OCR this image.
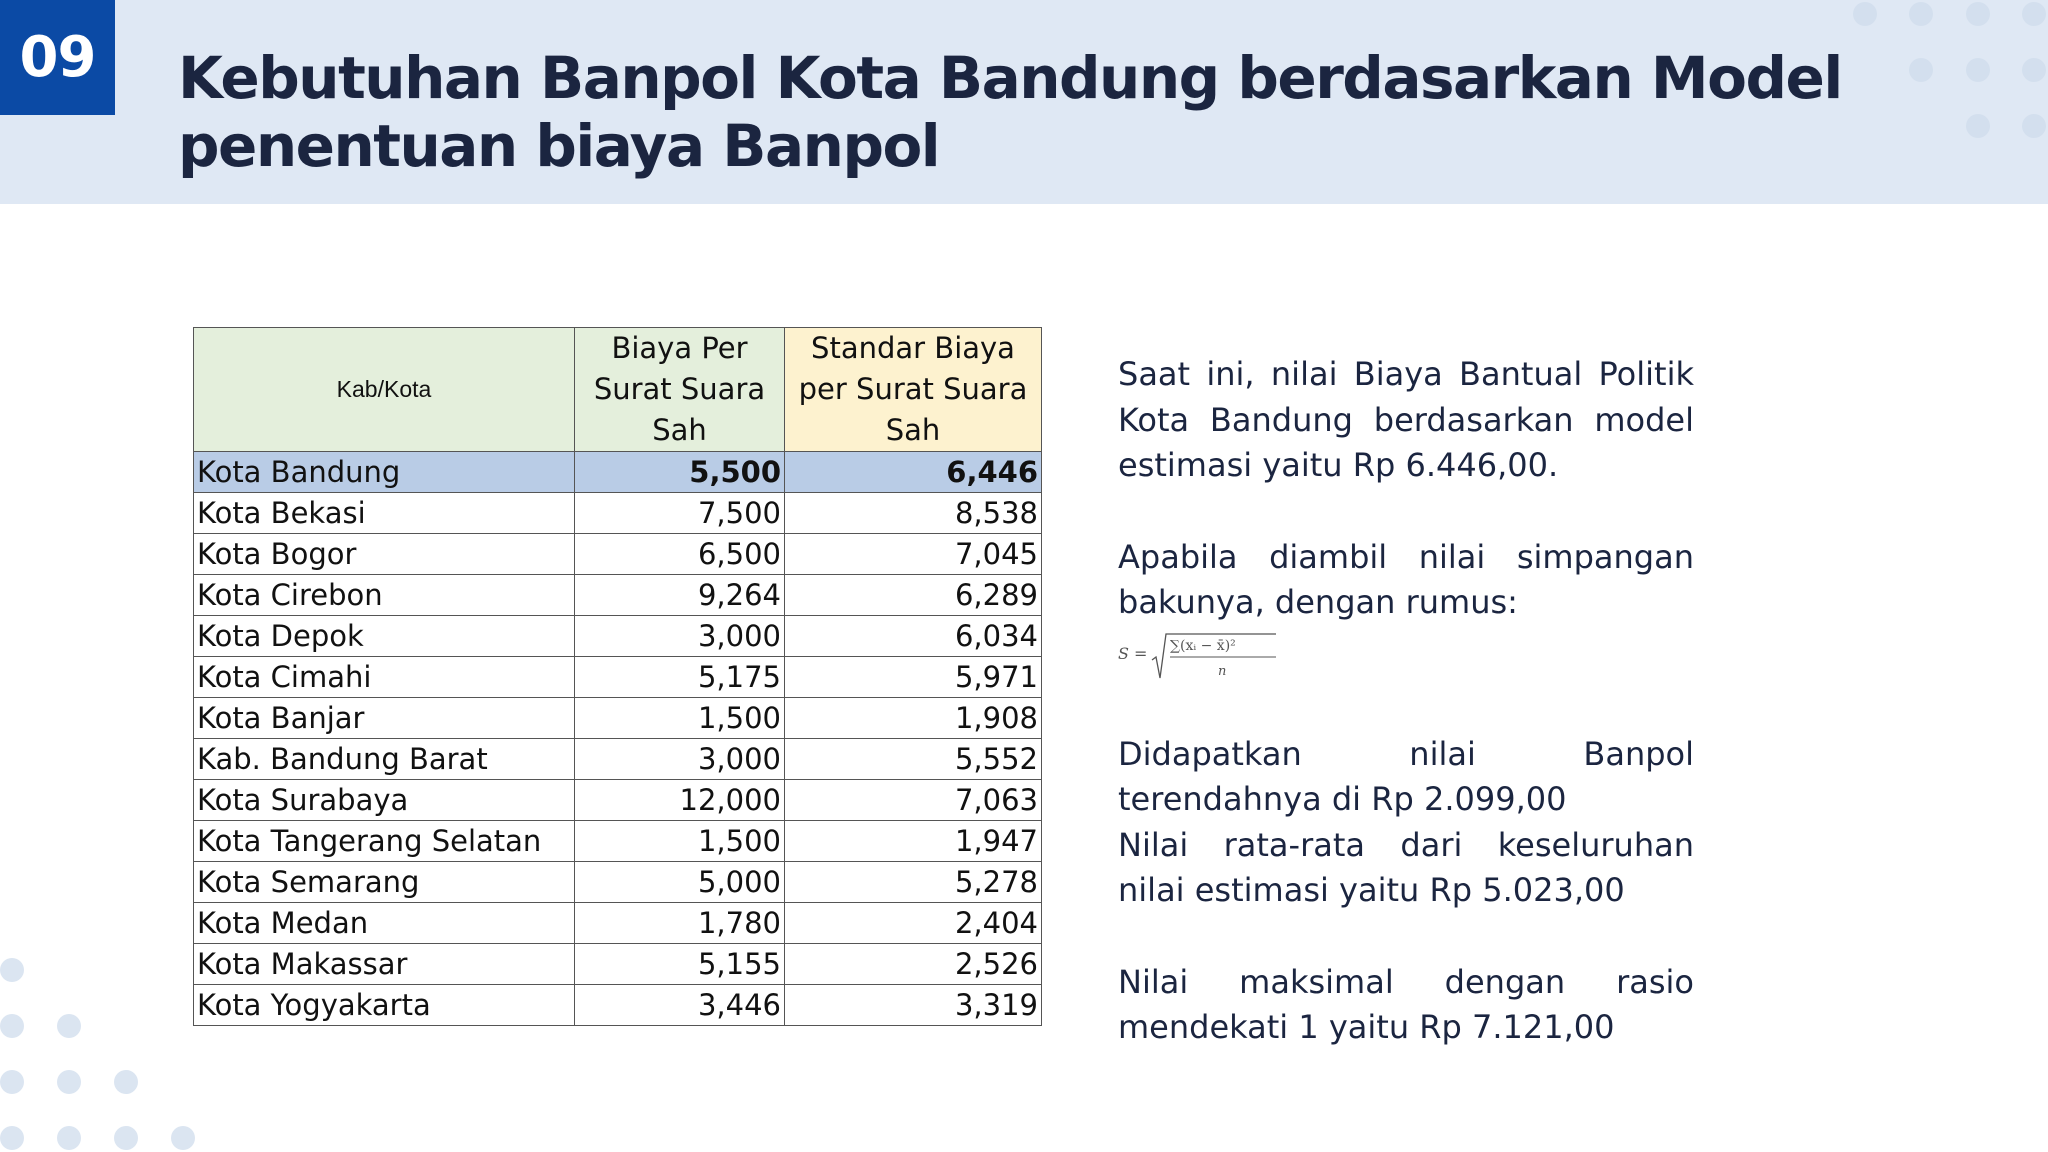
09	Kebutuhan Banpol Kota Bandung berdasarkan Model penentuan biaya Banpol
Kab/Kota	Biaya Per Surat Suara Sah	Standar Biaya per Surat Suara Sah
Kota Bandung	5,500	6,446
Kota Bekasi	7,500	8,538
Kota Bogor	6,500	7,045
Kota Cirebon	9,264	6,289
Kota Depok	3,000	6,034
Kota Cimahi	5,175	5,971
Kota Banjar	1,500	1,908
Kab. Bandung Barat	3,000	5,552
Kota Surabaya	12,000	7,063
Kota Tangerang Selatan	1,500	1,947
Kota Semarang	5,000	5,278
Kota Medan	1,780	2,404
Kota Makassar	5,155	2,526
Kota Yogyakarta	3,446	3,319

Saat ini, nilai Biaya Bantual Politik Kota Bandung berdasarkan model estimasi yaitu Rp 6.446,00.

Apabila diambil nilai simpangan bakunya, dengan rumus:

S = ∑(xᵢ − x̄)²
n

Didapatkan nilai Banpol terendahnya di Rp 2.099,00

Nilai rata-rata dari keseluruhan nilai estimasi yaitu Rp 5.023,00

Nilai maksimal dengan rasio mendekati 1 yaitu Rp 7.121,00
